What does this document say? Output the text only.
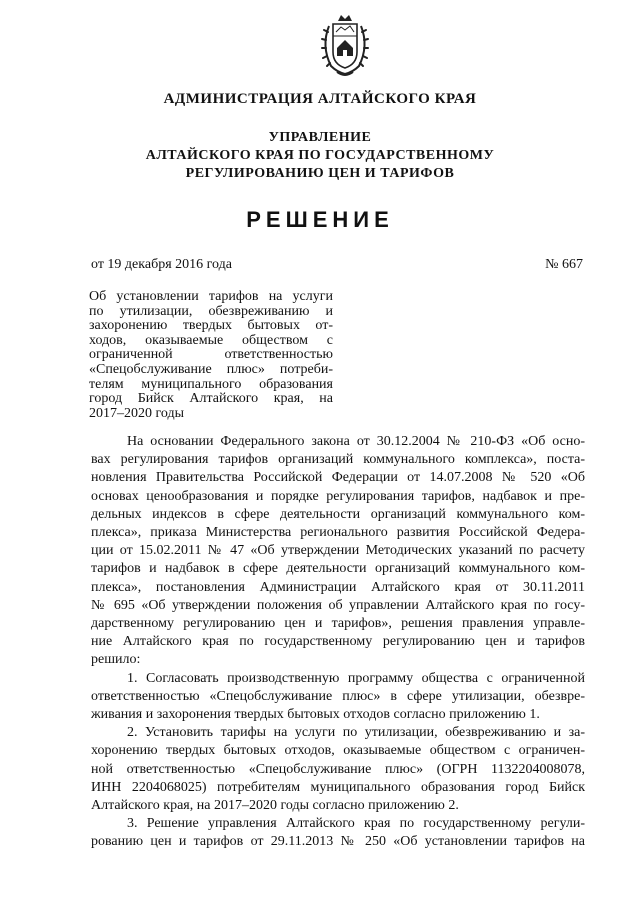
АДМИНИСТРАЦИЯ АЛТАЙСКОГО КРАЯ
УПРАВЛЕНИЕ
АЛТАЙСКОГО КРАЯ ПО ГОСУДАРСТВЕННОМУ
РЕГУЛИРОВАНИЮ ЦЕН И ТАРИФОВ
РЕШЕНИЕ
от 19 декабря 2016 года	№ 667
Об установлении тарифов на услуги
по утилизации, обезвреживанию и
захоронению твердых бытовых от-
ходов, оказываемые обществом с
ограниченной ответственностью
«Спецобслуживание плюс» потреби-
телям муниципального образования
город Бийск Алтайского края, на
2017–2020 годы
На основании Федерального закона от 30.12.2004 № 210-ФЗ «Об осно-
вах регулирования тарифов организаций коммунального комплекса», поста-
новления Правительства Российской Федерации от 14.07.2008 № 520 «Об
основах ценообразования и порядке регулирования тарифов, надбавок и пре-
дельных индексов в сфере деятельности организаций коммунального ком-
плекса», приказа Министерства регионального развития Российской Федера-
ции от 15.02.2011 № 47 «Об утверждении Методических указаний по расчету
тарифов и надбавок в сфере деятельности организаций коммунального ком-
плекса», постановления Администрации Алтайского края от 30.11.2011
№ 695 «Об утверждении положения об управлении Алтайского края по госу-
дарственному регулированию цен и тарифов», решения правления управле-
ние Алтайского края по государственному регулированию цен и тарифов
решило:
1. Согласовать производственную программу общества с ограниченной
ответственностью «Спецобслуживание плюс» в сфере утилизации, обезвре-
живания и захоронения твердых бытовых отходов согласно приложению 1.
2. Установить тарифы на услуги по утилизации, обезвреживанию и за-
хоронению твердых бытовых отходов, оказываемые обществом с ограничен-
ной ответственностью «Спецобслуживание плюс» (ОГРН 1132204008078,
ИНН 2204068025) потребителям муниципального образования город Бийск
Алтайского края, на 2017–2020 годы согласно приложению 2.
3. Решение управления Алтайского края по государственному регули-
рованию цен и тарифов от 29.11.2013 № 250 «Об установлении тарифов на
